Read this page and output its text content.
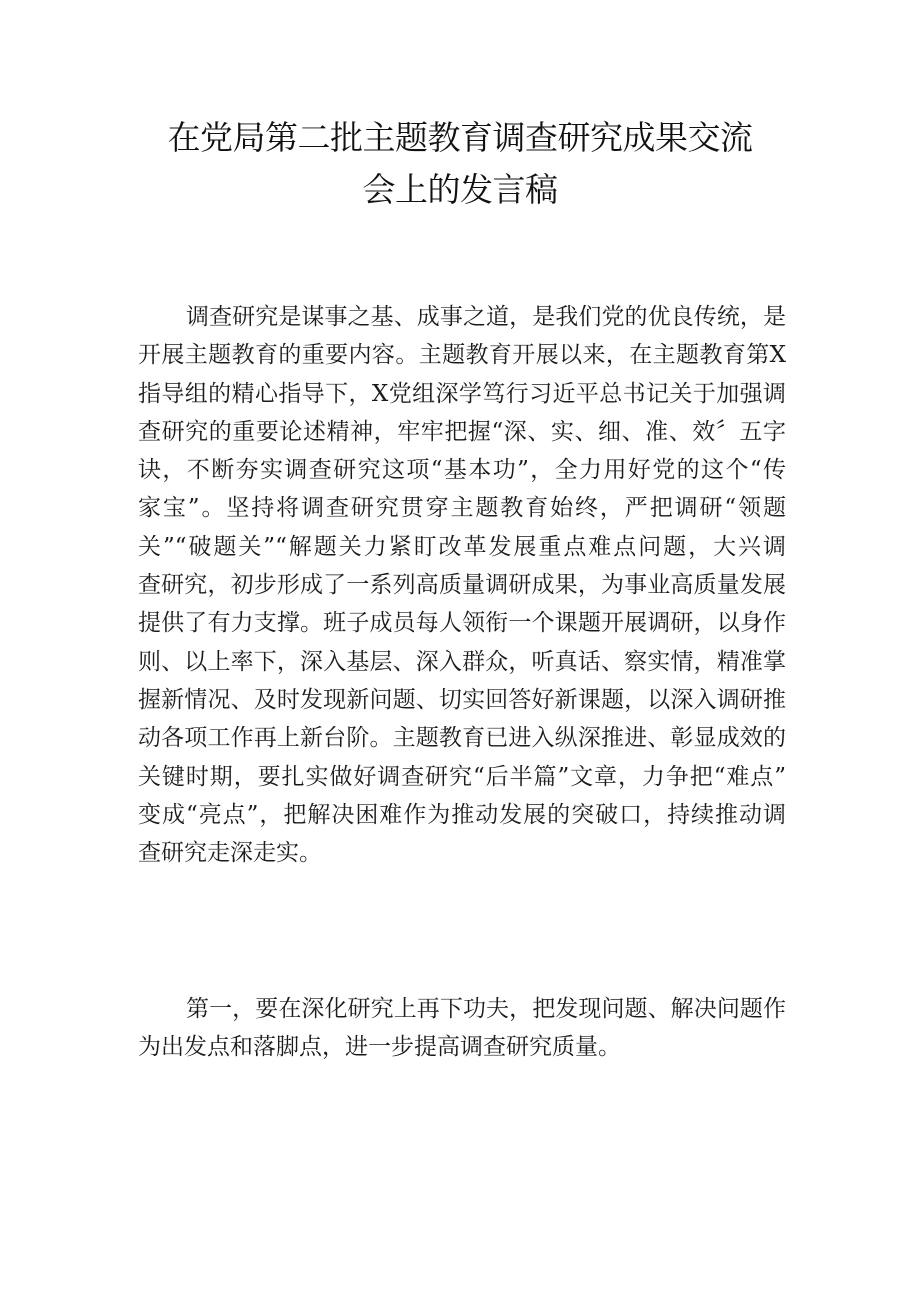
在党局第二批主题教育调查研究成果交流
会上的发言稿
调查研究是谋事之基、成事之道，是我们党的优良传统，是
开展主题教育的重要内容。主题教育开展以来，在主题教育第X
指导组的精心指导下，X党组深学笃行习近平总书记关于加强调
查研究的重要论述精神，牢牢把握“深、实、细、准、效〞五字
诀，不断夯实调查研究这项“基本功”，全力用好党的这个“传
家宝”。坚持将调查研究贯穿主题教育始终，严把调研“领题
关”“破题关”“解题关力紧盯改革发展重点难点问题，大兴调
查研究，初步形成了一系列高质量调研成果，为事业高质量发展
提供了有力支撑。班子成员每人领衔一个课题开展调研，以身作
则、以上率下，深入基层、深入群众，听真话、察实情，精准掌
握新情况、及时发现新问题、切实回答好新课题，以深入调研推
动各项工作再上新台阶。主题教育已进入纵深推进、彰显成效的
关键时期，要扎实做好调查研究“后半篇”文章，力争把“难点”
变成“亮点”，把解决困难作为推动发展的突破口，持续推动调
查研究走深走实。
第一，要在深化研究上再下功夫，把发现问题、解决问题作
为出发点和落脚点，进一步提高调查研究质量。
